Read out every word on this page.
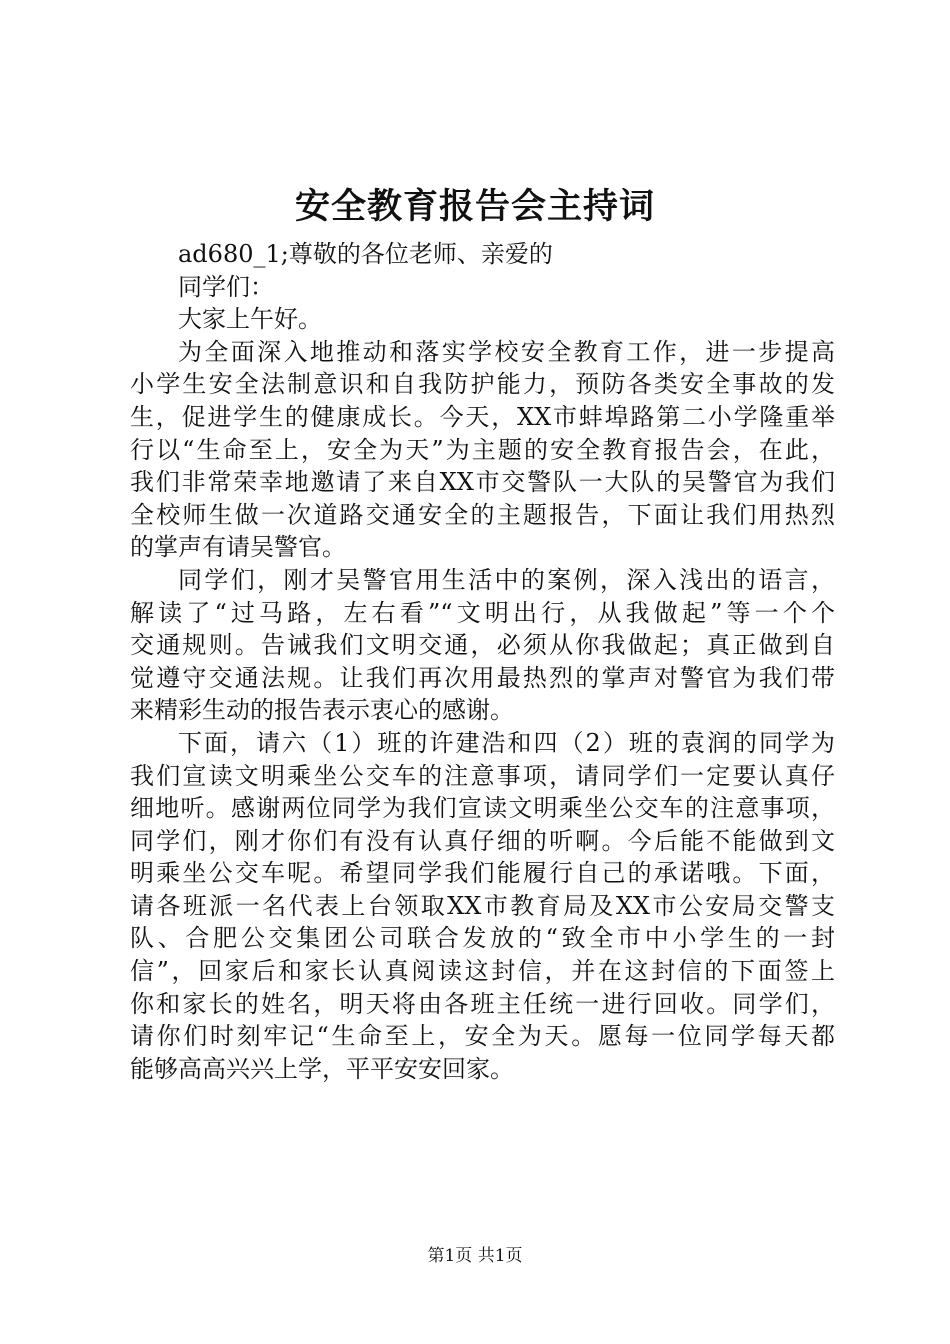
安全教育报告会主持词
ad680_1;尊敬的各位老师、亲爱的
同学们：
大家上午好。
为全面深入地推动和落实学校安全教育工作，进一步提高
小学生安全法制意识和自我防护能力，预防各类安全事故的发
生，促进学生的健康成长。今天，XX市蚌埠路第二小学隆重举
行以“生命至上，安全为天”为主题的安全教育报告会，在此，
我们非常荣幸地邀请了来自XX市交警队一大队的吴警官为我们
全校师生做一次道路交通安全的主题报告，下面让我们用热烈
的掌声有请吴警官。
同学们，刚才吴警官用生活中的案例，深入浅出的语言，
解读了“过马路，左右看”“文明出行，从我做起”等一个个
交通规则。告诫我们文明交通，必须从你我做起；真正做到自
觉遵守交通法规。让我们再次用最热烈的掌声对警官为我们带
来精彩生动的报告表示衷心的感谢。
下面，请六（1）班的许建浩和四（2）班的袁润的同学为
我们宣读文明乘坐公交车的注意事项，请同学们一定要认真仔
细地听。感谢两位同学为我们宣读文明乘坐公交车的注意事项，
同学们，刚才你们有没有认真仔细的听啊。今后能不能做到文
明乘坐公交车呢。希望同学我们能履行自己的承诺哦。下面，
请各班派一名代表上台领取XX市教育局及XX市公安局交警支
队、合肥公交集团公司联合发放的“致全市中小学生的一封
信”，回家后和家长认真阅读这封信，并在这封信的下面签上
你和家长的姓名，明天将由各班主任统一进行回收。同学们，
请你们时刻牢记“生命至上，安全为天。愿每一位同学每天都
能够高高兴兴上学，平平安安回家。
第1页 共1页
